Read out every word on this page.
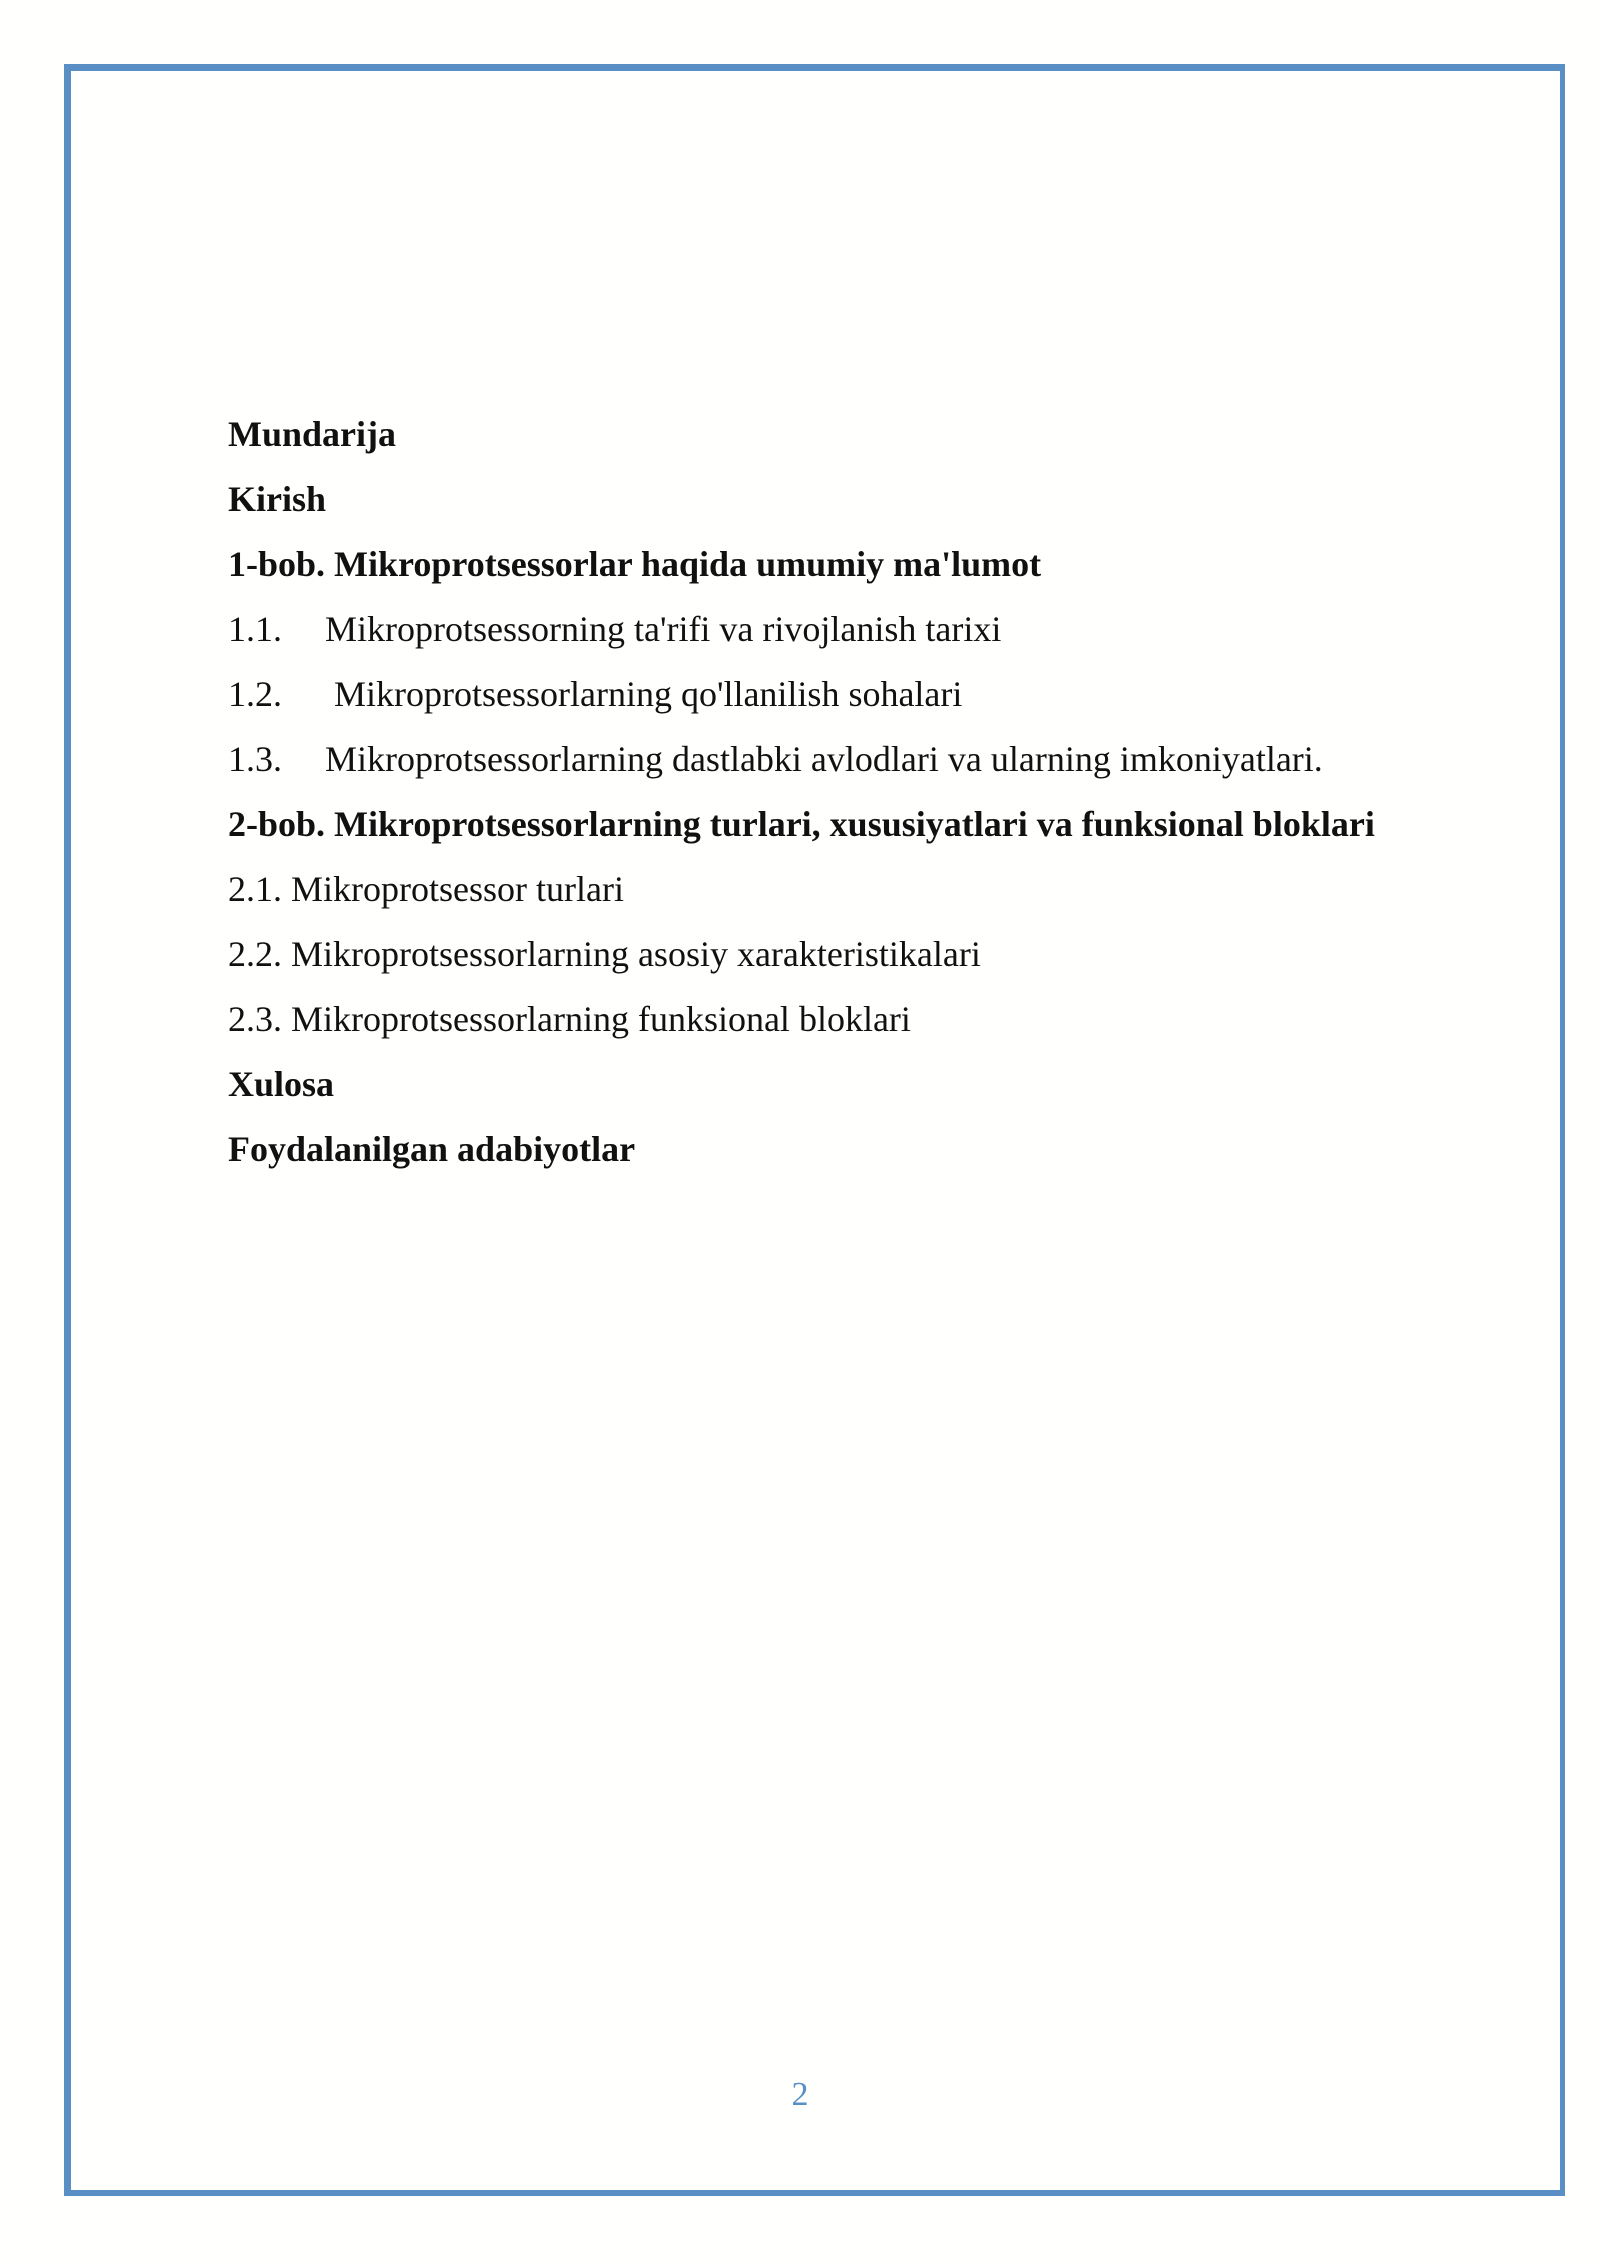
Mundarija
Kirish
1-bob. Mikroprotsessorlar haqida umumiy ma'lumot
1.1. Mikroprotsessorning ta'rifi va rivojlanish tarixi
1.2. Mikroprotsessorlarning qo'llanilish sohalari
1.3. Mikroprotsessorlarning dastlabki avlodlari va ularning imkoniyatlari.
2-bob. Mikroprotsessorlarning turlari, xususiyatlari va funksional bloklari
2.1. Mikroprotsessor turlari
2.2. Mikroprotsessorlarning asosiy xarakteristikalari
2.3. Mikroprotsessorlarning funksional bloklari
Xulosa
Foydalanilgan adabiyotlar
2
